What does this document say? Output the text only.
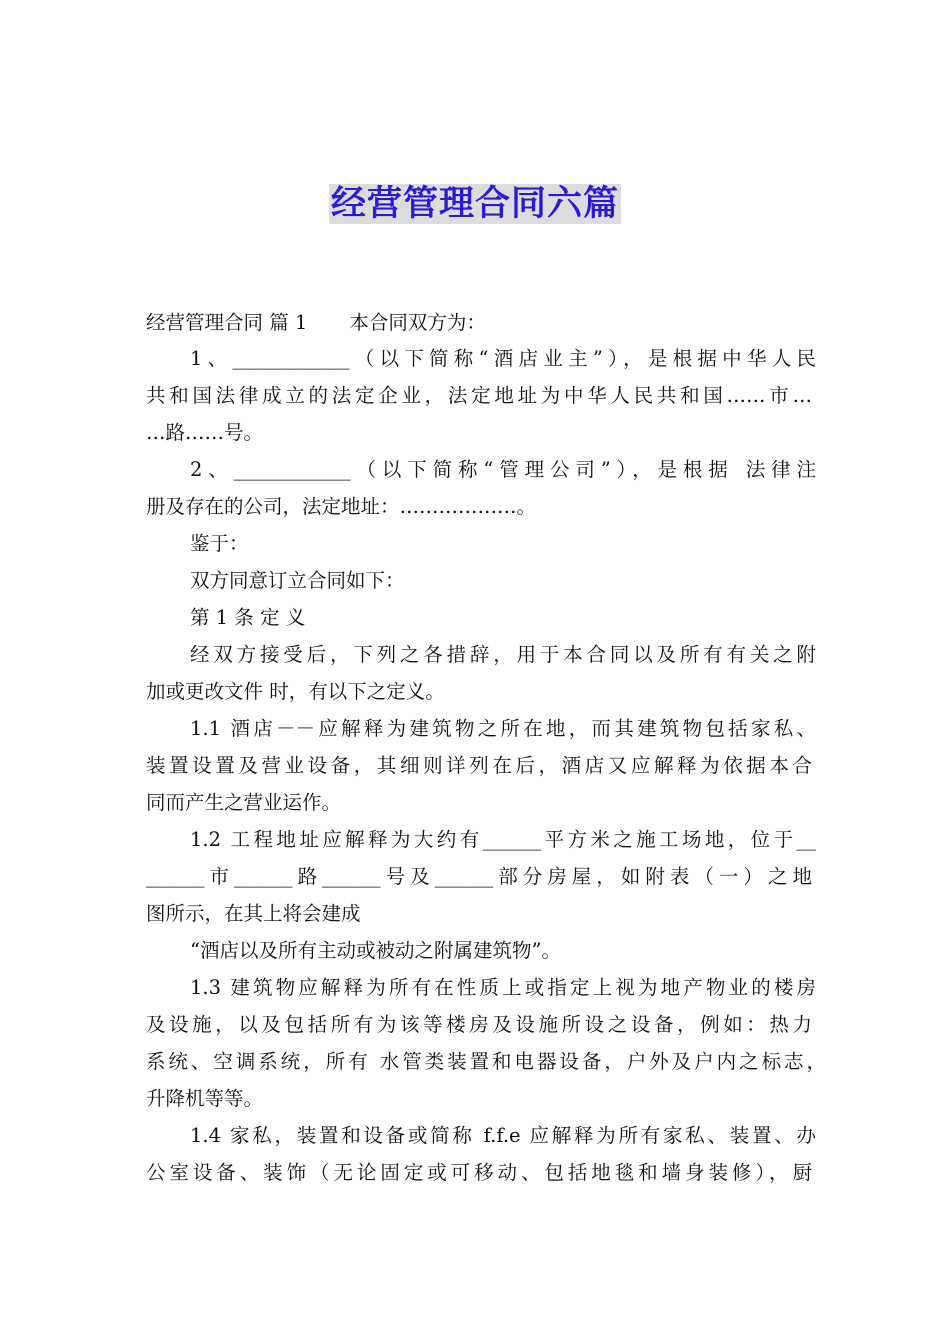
经营管理合同六篇
经营管理合同 篇 1 本合同双方为：
1、____________（以下简称“酒店业主”），是根据中华人民
共和国法律成立的法定企业，法定地址为中华人民共和国……市…
…路……号。
2、____________（以下简称“管理公司”），是根据 法律注
册及存在的公司，法定地址：………………。
鉴于：
双方同意订立合同如下：
第 1 条 定 义
经双方接受后，下列之各措辞，用于本合同以及所有有关之附
加或更改文件 时，有以下之定义。
1.1 酒店－－应解释为建筑物之所在地，而其建筑物包括家私、
装置设置及营业设备，其细则详列在后，酒店又应解释为依据本合
同而产生之营业运作。
1.2 工程地址应解释为大约有______平方米之施工场地，位于__
______市______路______号及______部分房屋，如附表（一）之地
图所示，在其上将会建成
“酒店以及所有主动或被动之附属建筑物”。
1.3 建筑物应解释为所有在性质上或指定上视为地产物业的楼房
及设施，以及包括所有为该等楼房及设施所设之设备，例如：热力
系统、空调系统，所有 水管类装置和电器设备，户外及户内之标志，
升降机等等。
1.4 家私，装置和设备或简称 f.f.e 应解释为所有家私、装置、办
公室设备、装饰（无论固定或可移动、包括地毯和墙身装修），厨
